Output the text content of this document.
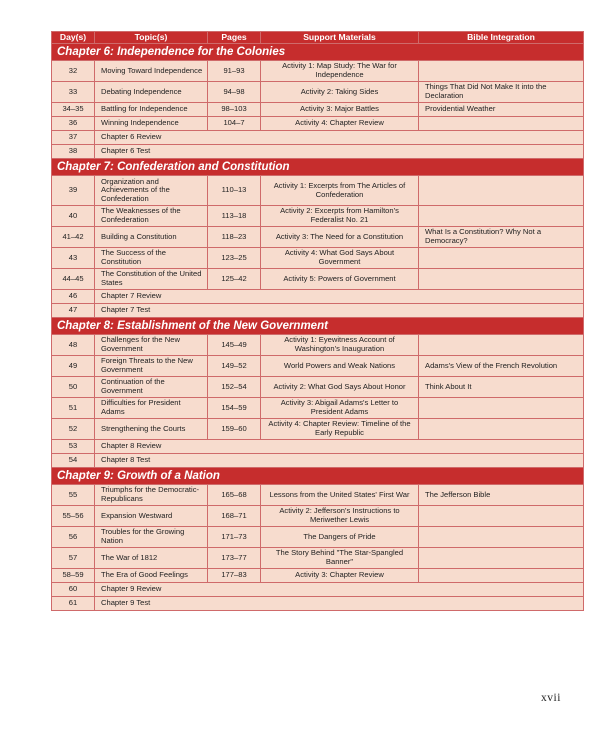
Day(s)	Topic(s)	Pages	Support Materials	Bible Integration
Chapter 6: Independence for the Colonies				
32	Moving Toward Independence	91–93	Activity 1: Map Study: The War for Independence	
33	Debating Independence	94–98	Activity 2: Taking Sides	Things That Did Not Make It into the Declaration
34–35	Battling for Independence	98–103	Activity 3: Major Battles	Providential Weather
36	Winning Independence	104–7	Activity 4: Chapter Review	
37	Chapter 6 Review			
38	Chapter 6 Test			
Chapter 7: Confederation and Constitution				
39	Organization and Achievements of the Confederation	110–13	Activity 1: Excerpts from The Articles of Confederation	
40	The Weaknesses of the Confederation	113–18	Activity 2: Excerpts from Hamilton's Federalist No. 21	
41–42	Building a Constitution	118–23	Activity 3: The Need for a Constitution	What Is a Constitution? Why Not a Democracy?
43	The Success of the Constitution	123–25	Activity 4: What God Says About Government	
44–45	The Constitution of the United States	125–42	Activity 5: Powers of Government	
46	Chapter 7 Review			
47	Chapter 7 Test			
Chapter 8: Establishment of the New Government				
48	Challenges for the New Government	145–49	Activity 1: Eyewitness Account of Washington's Inauguration	
49	Foreign Threats to the New Government	149–52	World Powers and Weak Nations	Adams's View of the French Revolution
50	Continuation of the Government	152–54	Activity 2: What God Says About Honor	Think About It
51	Difficulties for President Adams	154–59	Activity 3: Abigail Adams's Letter to President Adams	
52	Strengthening the Courts	159–60	Activity 4: Chapter Review: Timeline of the Early Republic	
53	Chapter 8 Review			
54	Chapter 8 Test			
Chapter 9: Growth of a Nation				
55	Triumphs for the Democratic-Republicans	165–68	Lessons from the United States' First War	The Jefferson Bible
55–56	Expansion Westward	168–71	Activity 2: Jefferson's Instructions to Meriwether Lewis	
56	Troubles for the Growing Nation	171–73	The Dangers of Pride	
57	The War of 1812	173–77	The Story Behind "The Star-Spangled Banner"	
58–59	The Era of Good Feelings	177–83	Activity 3: Chapter Review	
60	Chapter 9 Review			
61	Chapter 9 Test			
xvii
